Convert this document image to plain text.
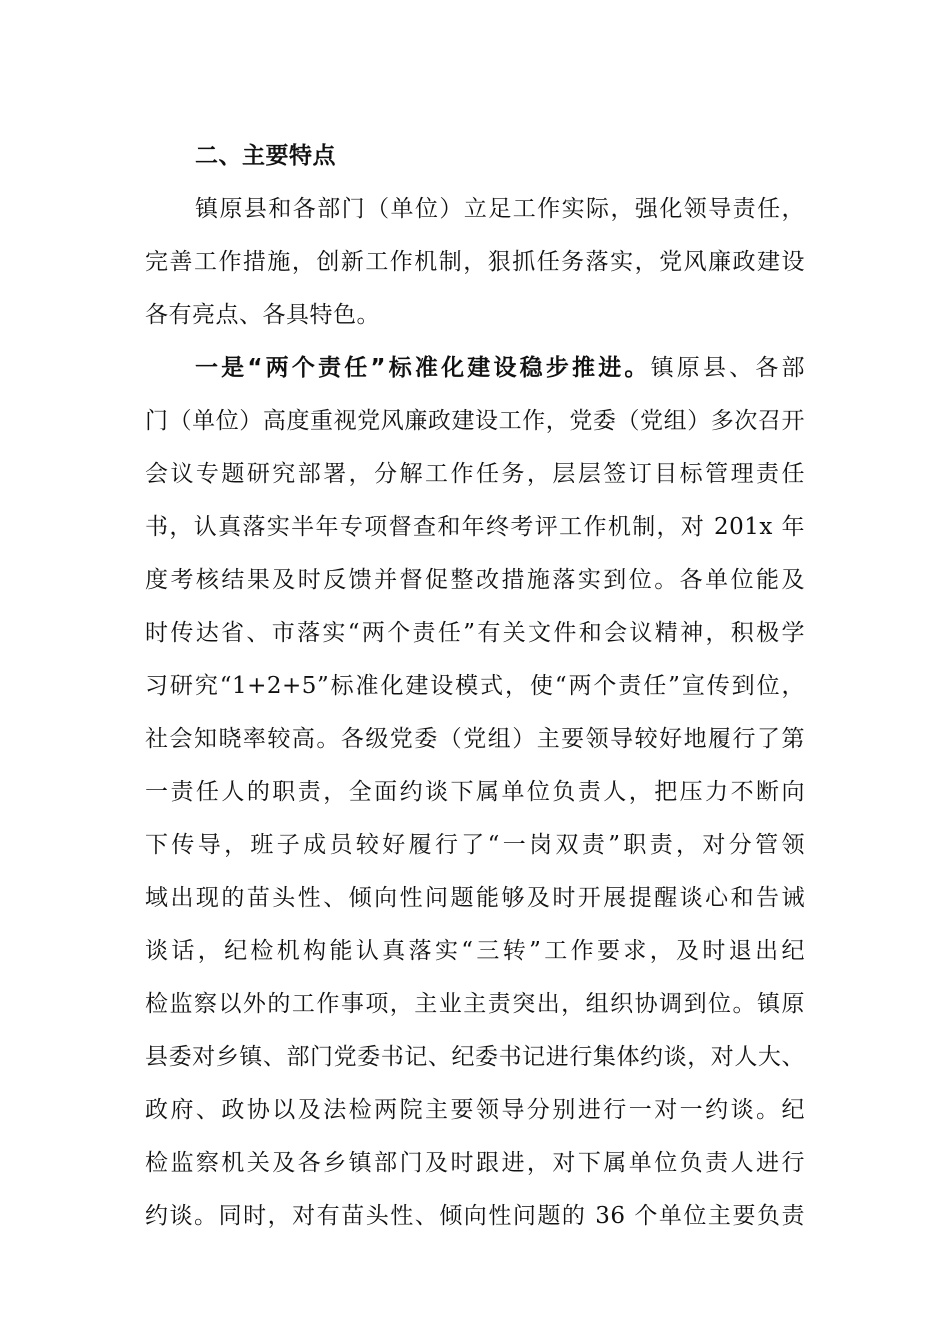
二、主要特点
镇原县和各部门（单位）立足工作实际，强化领导责任，
完善工作措施，创新工作机制，狠抓任务落实，党风廉政建设
各有亮点、各具特色。
一是“两个责任”标准化建设稳步推进。镇原县、各部
门（单位）高度重视党风廉政建设工作，党委（党组）多次召开
会议专题研究部署，分解工作任务，层层签订目标管理责任
书，认真落实半年专项督查和年终考评工作机制，对 201x 年
度考核结果及时反馈并督促整改措施落实到位。各单位能及
时传达省、市落实“两个责任”有关文件和会议精神，积极学
习研究“1+2+5”标准化建设模式，使“两个责任”宣传到位，
社会知晓率较高。各级党委（党组）主要领导较好地履行了第
一责任人的职责，全面约谈下属单位负责人，把压力不断向
下传导，班子成员较好履行了“一岗双责”职责，对分管领
域出现的苗头性、倾向性问题能够及时开展提醒谈心和告诫
谈话，纪检机构能认真落实“三转”工作要求，及时退出纪
检监察以外的工作事项，主业主责突出，组织协调到位。镇原
县委对乡镇、部门党委书记、纪委书记进行集体约谈，对人大、
政府、政协以及法检两院主要领导分别进行一对一约谈。纪
检监察机关及各乡镇部门及时跟进，对下属单位负责人进行
约谈。同时，对有苗头性、倾向性问题的 36 个单位主要负责
